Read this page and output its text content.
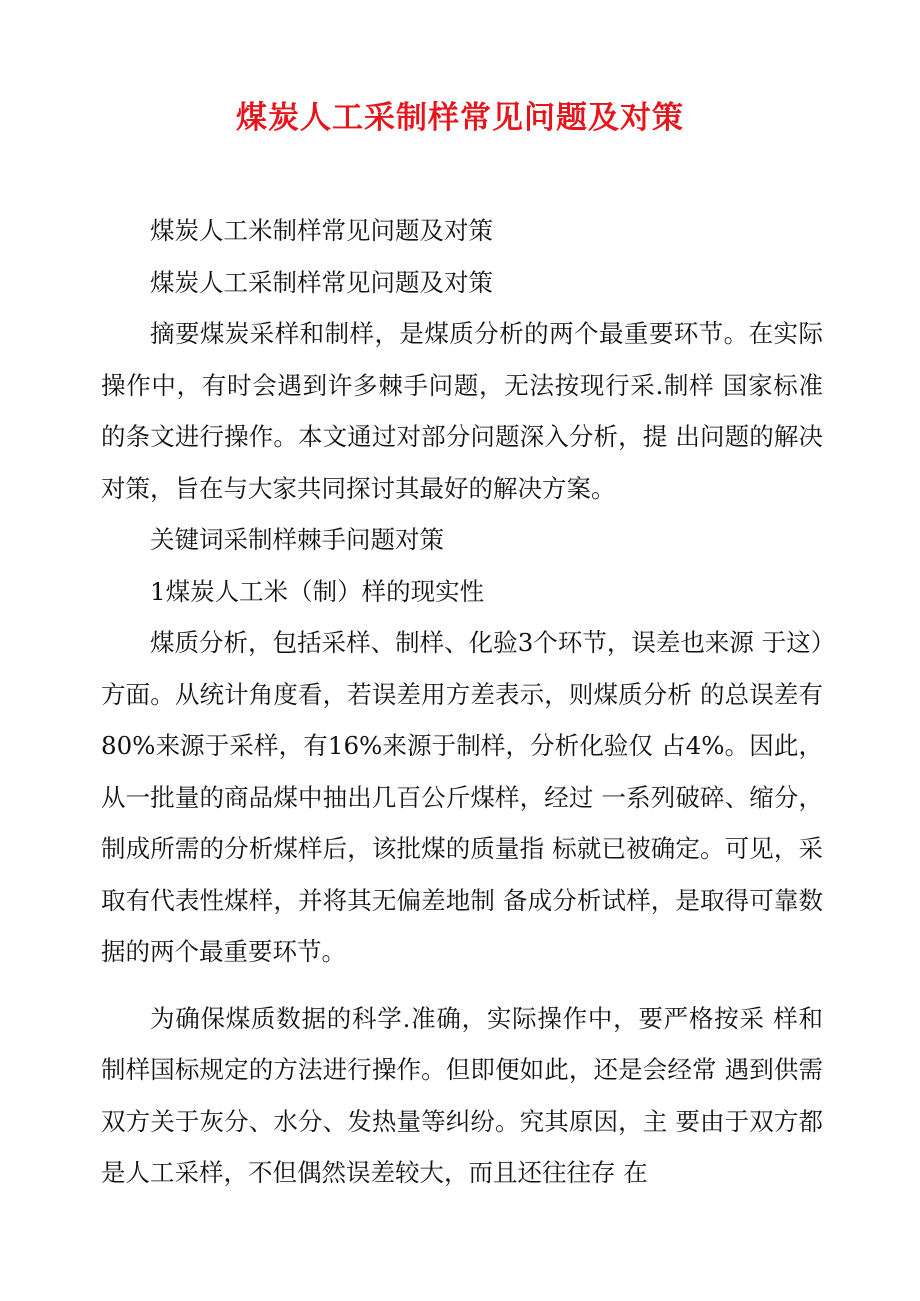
煤炭人工采制样常见问题及对策

煤炭人工米制样常见问题及对策

煤炭人工采制样常见问题及对策

摘要煤炭采样和制样，是煤质分析的两个最重要环节。在实际操作中，有时会遇到许多棘手问题，无法按现行采.制样 国家标准的条文进行操作。本文通过对部分问题深入分析，提 出问题的解决对策，旨在与大家共同探讨其最好的解决方案。

关键词采制样棘手问题对策

1煤炭人工米（制）样的现实性

煤质分析，包括采样、制样、化验3个环节，误差也来源 于这）方面。从统计角度看，若误差用方差表示，则煤质分析 的总误差有80%来源于采样，有16%来源于制样，分析化验仅 占4%。因此，从一批量的商品煤中抽出几百公斤煤样，经过 一系列破碎、缩分，制成所需的分析煤样后，该批煤的质量指 标就已被确定。可见，采取有代表性煤样，并将其无偏差地制 备成分析试样，是取得可靠数据的两个最重要环节。

为确保煤质数据的科学.准确，实际操作中，要严格按采 样和制样国标规定的方法进行操作。但即便如此，还是会经常 遇到供需双方关于灰分、水分、发热量等纠纷。究其原因，主 要由于双方都是人工采样，不但偶然误差较大，而且还往往存 在
